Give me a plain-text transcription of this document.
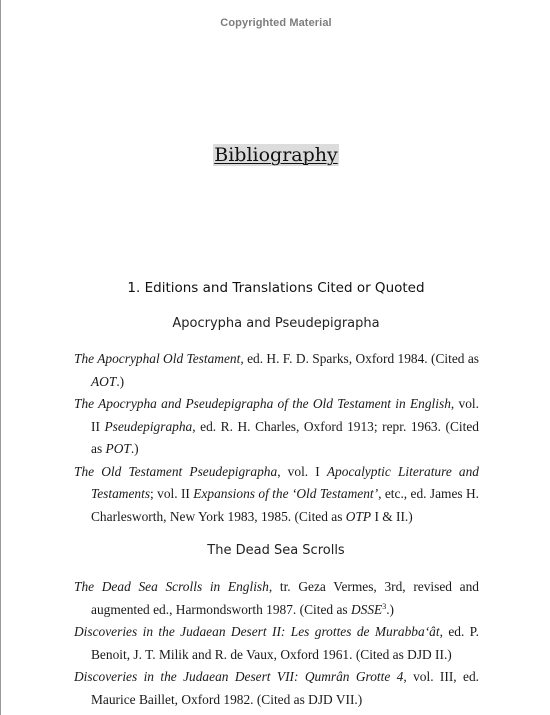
Copyrighted Material
Bibliography
1. Editions and Translations Cited or Quoted
Apocrypha and Pseudepigrapha
The Apocryphal Old Testament, ed. H. F. D. Sparks, Oxford 1984. (Cited as AOT.)
The Apocrypha and Pseudepigrapha of the Old Testament in English, vol. II Pseudepigrapha, ed. R. H. Charles, Oxford 1913; repr. 1963. (Cited as POT.)
The Old Testament Pseudepigrapha, vol. I Apocalyptic Literature and Testaments; vol. II Expansions of the ‘Old Testament’, etc., ed. James H. Charlesworth, New York 1983, 1985. (Cited as OTP I & II.)
The Dead Sea Scrolls
The Dead Sea Scrolls in English, tr. Geza Vermes, 3rd, revised and augmented ed., Harmondsworth 1987. (Cited as DSSE$^3$.)
Discoveries in the Judaean Desert II: Les grottes de Murabba‘ât, ed. P. Benoit, J. T. Milik and R. de Vaux, Oxford 1961. (Cited as DJD II.)
Discoveries in the Judaean Desert VII: Qumrân Grotte 4, vol. III, ed. Maurice Baillet, Oxford 1982. (Cited as DJD VII.)
